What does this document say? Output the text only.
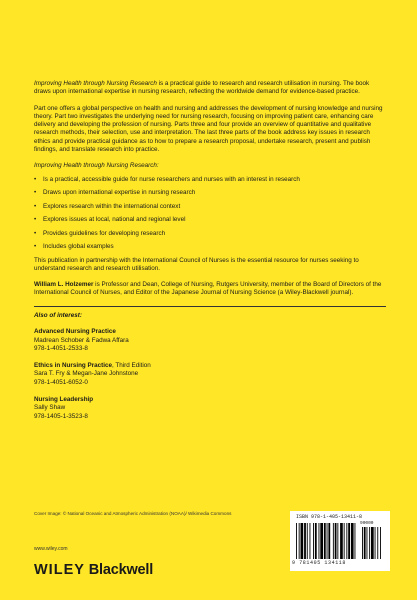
Improving Health through Nursing Research is a practical guide to research and research utilisation in nursing. The book draws upon international expertise in nursing research, reflecting the worldwide demand for evidence-based practice.

Part one offers a global perspective on health and nursing and addresses the development of nursing knowledge and nursing theory. Part two investigates the underlying need for nursing research, focusing on improving patient care, enhancing care delivery and developing the profession of nursing. Parts three and four provide an overview of quantitative and qualitative research methods, their selection, use and interpretation. The last three parts of the book address key issues in research ethics and provide practical guidance as to how to prepare a research proposal, undertake research, present and publish findings, and translate research into practice.

Improving Health through Nursing Research:

• Is a practical, accessible guide for nurse researchers and nurses with an interest in research
• Draws upon international expertise in nursing research
• Explores research within the international context
• Explores issues at local, national and regional level
• Provides guidelines for developing research
• Includes global examples

This publication in partnership with the International Council of Nurses is the essential resource for nurses seeking to understand research and research utilisation.

William L. Holzemer is Professor and Dean, College of Nursing, Rutgers University, member of the Board of Directors of the International Council of Nurses, and Editor of the Japanese Journal of Nursing Science (a Wiley-Blackwell journal).

Also of interest:
Advanced Nursing Practice
Madrean Schober & Fadwa Affara
978-1-4051-2533-8
Ethics in Nursing Practice, Third Edition
Sara T. Fry & Megan-Jane Johnstone
978-1-4051-6052-0
Nursing Leadership
Sally Shaw
978-1405-1-3523-8
Cover Image: © National Oceanic and Atmospheric Administration (NOAA)/ Wikimedia Commons
www.wiley.com
WILEY Blackwell
ISBN 978-1-405-13411-8
90000
9 781405 134118
